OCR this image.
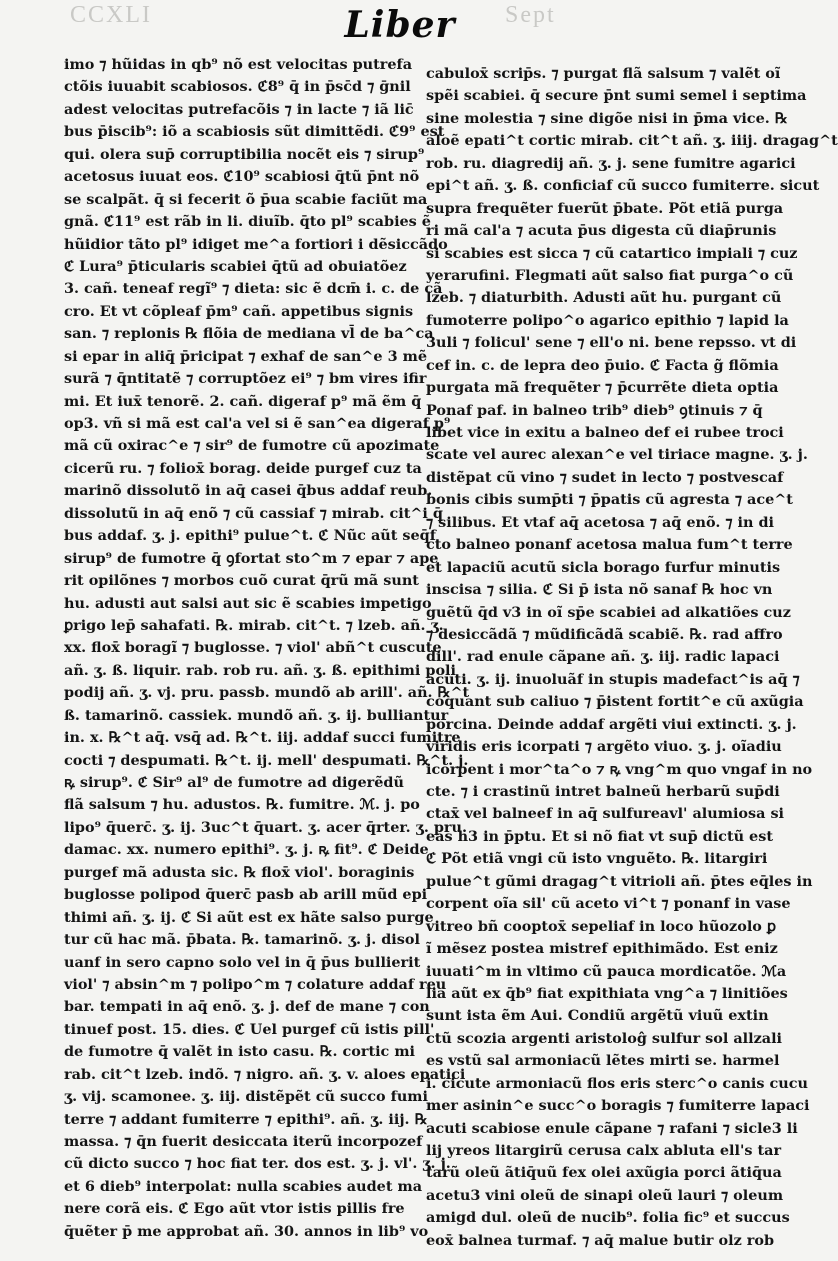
CCXLI	Sept
Liber
imo ⁊ hũidas in qb⁹ nõ est velocitas putrefa
ctõis iuuabit scabiosos. ℭ8⁹ q̄ in p̄sc̄d ⁊ ḡnil
adest velocitas putrefacõis ⁊ in lacte ⁊ iã lic̄
bus p̄iscib⁹: iõ a scabiosis sũt dimittẽdi. ℭ9⁹ est
qui. olera sup̄ corruptibilia nocẽt eis ⁊ sirup⁹
acetosus iuuat eos. ℭ10⁹ scabiosi q̄tũ p̄nt nõ
se scalpãt. q̄ si fecerit õ p̄ua scabie faciũt ma
gnã. ℭ11⁹ est rãb in li. diuĩb. q̄to pl⁹ scabies ẽ
hũidior tãto pl⁹ idiget me^a fortiori i dẽsiccãdo
ℭ Lura⁹ p̄ticularis scabiei q̄tũ ad obuiatõez
3. cañ. teneaf regĩ⁹ ⁊ dieta: sic ẽ dcm̄ i. c. de cã
cro. Et vt cõpleaf p̄m⁹ cañ. appetibus signis
san. ⁊ replonis ℞ flõia de mediana vl̄ de ba^ca
si epar in aliq̄ p̄ricipat ⁊ exhaf de san^e 3 mẽ
surã ⁊ q̄ntitatẽ ⁊ corruptõez ei⁹ ⁊ bm vires ifir
mi. Et iux̄ tenorẽ. 2. cañ. digeraf p⁹ mã ẽm q̄
op3. vñ si mã est cal'a vel si ẽ san^ea digeraf p⁹
mã cũ oxirac^e ⁊ sir⁹ de fumotre cũ apozimate
cicerũ ru. ⁊ foliox̄ borag. deide purgef cuz ta
marinõ dissolutõ in aq̄ casei q̄bus addaf reub.
dissolutũ in aq̄ enõ ⁊ cũ cassiaf ⁊ mirab. cit^i q̄
bus addaf. ʒ. j. epithi⁹ pulue^t. ℭ Nũc aũt seq̄f
sirup⁹ de fumotre q̄ ꝯfortat sto^m ⁊ epar ⁊ ape
rit opilõnes ⁊ morbos cuõ curat q̄rũ mã sunt
hu. adusti aut salsi aut sic ẽ scabies impetigo
ꝑrigo lep̄ sahafati. ℞. mirab. cit^t. ⁊ lzeb. añ. ʒ.
xx. flox̄ boragĩ ⁊ buglosse. ⁊ viol' abñ^t cuscute
añ. ʒ. ß. liquir. rab. rob ru. añ. ʒ. ß. epithimi poli
podij añ. ʒ. vj. pru. passb. mundõ ab arill'. añ. ℞^t
ß. tamarinõ. cassiek. mundõ añ. ʒ. ij. bulliantur
in. x. ℞^t aq̄. vsq̄ ad. ℞^t. iij. addaf succi fumitre
cocti ⁊ despumati. ℞^t. ij. mell' despumati. ℞^t. j.
ꝶ sirup⁹. ℭ Sir⁹ al⁹ de fumotre ad digerẽdũ
flã salsum ⁊ hu. adustos. ℞. fumitre. ℳ. j. po
lipo⁹ q̄uerc̄. ʒ. ij. 3uc^t q̄uart. ʒ. acer q̄rter. ʒ. pru.
damac. xx. numero epithi⁹. ʒ. j. ꝶ fit⁹. ℭ Deide
purgef mã adusta sic. ℞ flox̄ viol'. boraginis
buglosse polipod q̄uerc̄ pasb ab arill mũd epi
thimi añ. ʒ. ij. ℭ Si aũt est ex hãte salso purge
tur cũ hac mã. p̄bata. ℞. tamarinõ. ʒ. j. disol
uanf in sero capno solo vel in q̄ p̄us bullierit
viol' ⁊ absin^m ⁊ polipo^m ⁊ colature addaf reu
bar. tempati in aq̄ enõ. ʒ. j. def de mane ⁊ con
tinuef post. 15. dies. ℭ Uel purgef cũ istis pill'
de fumotre q̄ valẽt in isto casu. ℞. cortic mi
rab. cit^t lzeb. indõ. ⁊ nigro. añ. ʒ. v. aloes epatici
ʒ. vij. scamonee. ʒ. iij. distẽpẽt cũ succo fumi
terre ⁊ addant fumiterre ⁊ epithi⁹. añ. ʒ. iij. ℞
massa. ⁊ q̄n fuerit desiccata iterũ incorpozef
cũ dicto succo ⁊ hoc fiat ter. dos est. ʒ. j. vl'. ʒ. j.
et 6 dieb⁹ interpolat: nulla scabies audet ma
nere corã eis. ℭ Ego aũt vtor istis pillis fre
q̄uẽter p̄ me approbat añ. 30. annos in lib⁹ vo
cabulox̄ scrip̄s. ⁊ purgat flã salsum ⁊ valẽt oĩ
spẽi scabiei. q̄ secure p̄nt sumi semel i septima
sine molestia ⁊ sine digõe nisi in p̄ma vice. ℞
aloẽ epati^t cortic mirab. cit^t añ. ʒ. iiij. dragag^t
rob. ru. diagredij añ. ʒ. j. sene fumitre agarici
epi^t añ. ʒ. ß. conficiaf cũ succo fumiterre. sicut
supra frequẽter fuerũt p̄bate. Põt etiã purga
ri mã cal'a ⁊ acuta p̄us digesta cũ diap̄runis
si scabies est sicca ⁊ cũ catartico impiali ⁊ cuz
yerarufini. Flegmati aũt salso fiat purga^o cũ
lzeb. ⁊ diaturbith. Adusti aũt hu. purgant cũ
fumoterre polipo^o agarico epithio ⁊ lapid la
3uli ⁊ folicul' sene ⁊ ell'o ni. bene repsso. vt di
cef in. c. de lepra deo p̄uio. ℭ Facta g̃ flõmia
purgata mã frequẽter ⁊ p̄currẽte dieta optia
Ponaf paf. in balneo trib⁹ dieb⁹ ꝯtinuis ⁊ q̄
libet vice in exitu a balneo def ei rubee troci
scate vel aurec alexan^e vel tiriace magne. ʒ. j.
distẽpat cũ vino ⁊ sudet in lecto ⁊ postvescaf
bonis cibis sump̄ti ⁊ p̄patis cũ agresta ⁊ ace^t
⁊ silibus. Et vtaf aq̄ acetosa ⁊ aq̄ enõ. ⁊ in di
cto balneo ponanf acetosa malua fum^t terre
et lapaciũ acutũ sicla borago furfur minutis
inscisa ⁊ silia. ℭ Si p̄ ista nõ sanaf ℞ hoc vn
guẽtũ q̄d v3 in oĩ sp̄e scabiei ad alkatiões cuz
⁊ desiccãdã ⁊ mũdificãdã scabiẽ. ℞. rad affro
dill'. rad enule cãpane añ. ʒ. iij. radic lapaci
acuti. ʒ. ij. inuoluãf in stupis madefact^is aq̄ ⁊
coquant sub caliuo ⁊ p̄istent fortit^e cũ axũgia
porcina. Deinde addaf argẽti viui extincti. ʒ. j.
viridis eris icorpati ⁊ argẽto viuo. ʒ. j. oĩadiu
icorpent i mor^ta^o ⁊ ꝶ vng^m quo vngaf in no
cte. ⁊ i crastinũ intret balneũ herbarũ sup̄di
ctax̄ vel balneef in aq̄ sulfureavl' alumiosa si
eas h3 in p̄ptu. Et si nõ fiat vt sup̄ dictũ est
ℭ Põt etiã vngi cũ isto vnguẽto. ℞. litargiri
pulue^t gũmi dragag^t vitrioli añ. p̄tes eq̄les in
corpent oĩa sil' cũ aceto vi^t ⁊ ponanf in vase
vitreo bñ cooptox̄ sepeliaf in loco hũozolo ꝑ
ĩ mẽsez postea mistref epithimãdo. Est eniz
iuuati^m in vltimo cũ pauca mordicatõe. ℳa
lia aũt ex q̄b⁹ fiat expithiata vng^a ⁊ linitiões
sunt ista ẽm Aui. Condiũ argẽtũ viuũ extin
ctũ scozia argenti aristoloĝ sulfur sol allzali
es vstũ sal armoniacũ lẽtes mirti se. harmel
i. cicute armoniacũ flos eris sterc^o canis cucu
mer asinin^e succ^o boragis ⁊ fumiterre lapaci
acuti scabiose enule cãpane ⁊ rafani ⁊ sicle3 li
lij yreos litargirũ cerusa calx abluta ell's tar
tarũ oleũ ãtiq̄uũ fex olei axũgia porci ãtiq̄ua
acetu3 vini oleũ de sinapi oleũ lauri ⁊ oleum
amigd dul. oleũ de nucib⁹. folia fic⁹ et succus
eox̄ balnea turmaf. ⁊ aq̄ malue butir olz rob
